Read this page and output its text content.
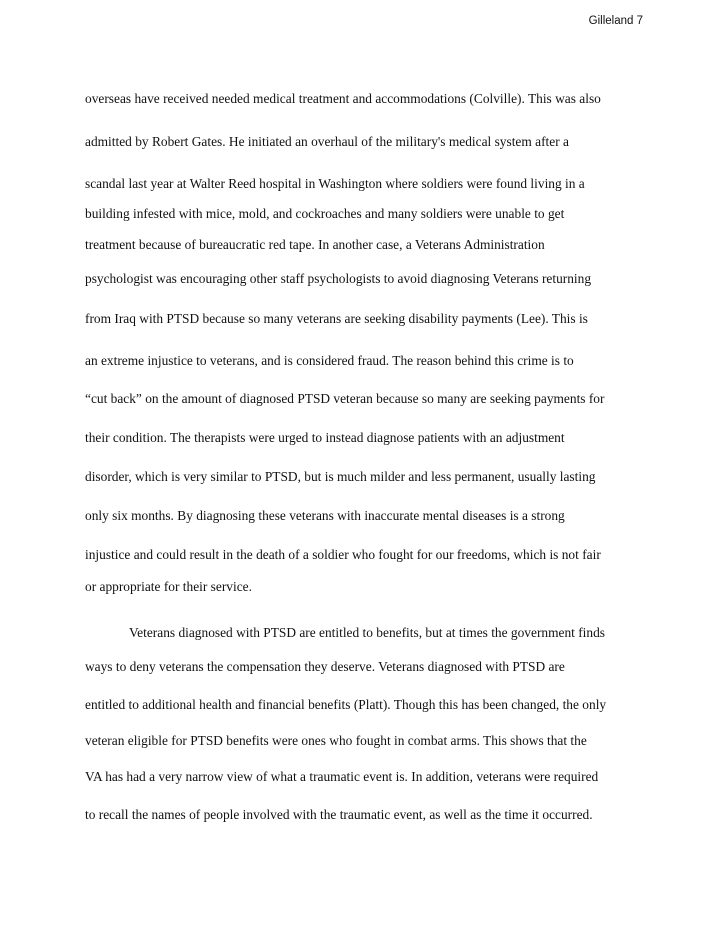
Gilleland 7
overseas have received needed medical treatment and accommodations (Colville). This was also
admitted by Robert Gates. He initiated an overhaul of the military's medical system after a
scandal last year at Walter Reed hospital in Washington where soldiers were found living in a
building infested with mice, mold, and cockroaches and many soldiers were unable to get
treatment because of bureaucratic red tape. In another case, a Veterans Administration
psychologist was encouraging other staff psychologists to avoid diagnosing Veterans returning
from Iraq with PTSD because so many veterans are seeking disability payments (Lee). This is
an extreme injustice to veterans, and is considered fraud. The reason behind this crime is to
“cut back” on the amount of diagnosed PTSD veteran because so many are seeking payments for
their condition. The therapists were urged to instead diagnose patients with an adjustment
disorder, which is very similar to PTSD, but is much milder and less permanent, usually lasting
only six months. By diagnosing these veterans with inaccurate mental diseases is a strong
injustice and could result in the death of a soldier who fought for our freedoms, which is not fair
or appropriate for their service.
Veterans diagnosed with PTSD are entitled to benefits, but at times the government finds
ways to deny veterans the compensation they deserve. Veterans diagnosed with PTSD are
entitled to additional health and financial benefits (Platt). Though this has been changed, the only
veteran eligible for PTSD benefits were ones who fought in combat arms. This shows that the
VA has had a very narrow view of what a traumatic event is. In addition, veterans were required
to recall the names of people involved with the traumatic event, as well as the time it occurred.
